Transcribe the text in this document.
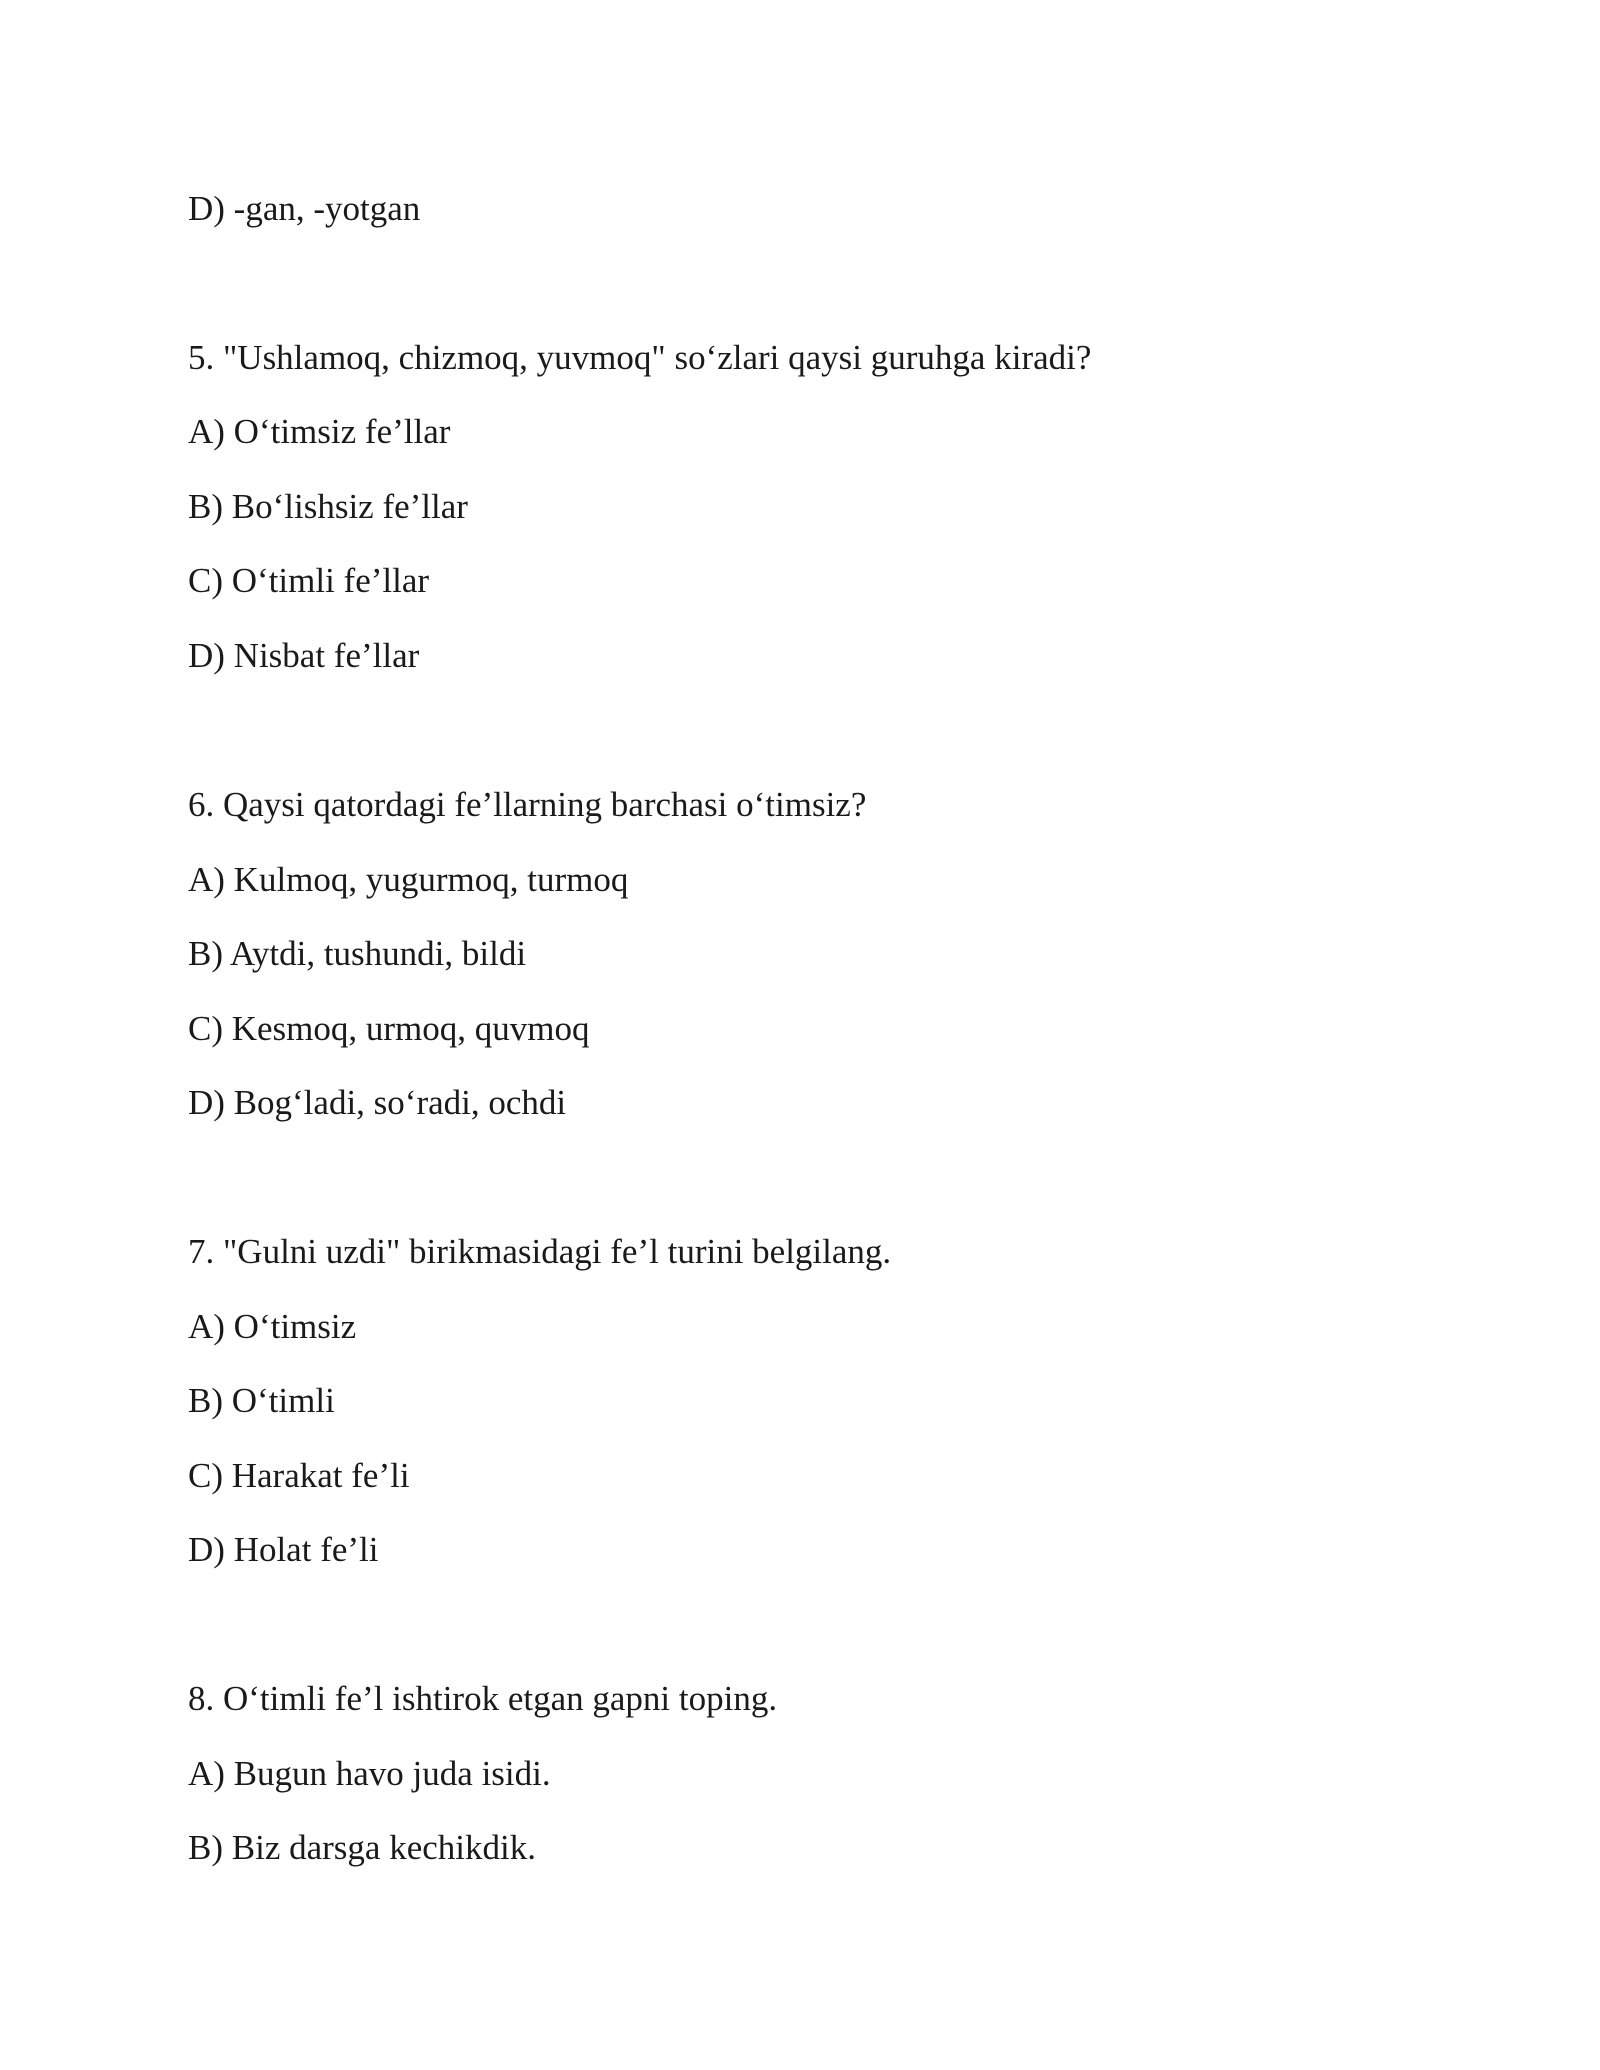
D) -gan, -yotgan
5. "Ushlamoq, chizmoq, yuvmoq" so‘zlari qaysi guruhga kiradi?
A) O‘timsiz fe’llar
B) Bo‘lishsiz fe’llar
C) O‘timli fe’llar
D) Nisbat fe’llar
6. Qaysi qatordagi fe’llarning barchasi o‘timsiz?
A) Kulmoq, yugurmoq, turmoq
B) Aytdi, tushundi, bildi
C) Kesmoq, urmoq, quvmoq
D) Bog‘ladi, so‘radi, ochdi
7. "Gulni uzdi" birikmasidagi fe’l turini belgilang.
A) O‘timsiz
B) O‘timli
C) Harakat fe’li
D) Holat fe’li
8. O‘timli fe’l ishtirok etgan gapni toping.
A) Bugun havo juda isidi.
B) Biz darsga kechikdik.
